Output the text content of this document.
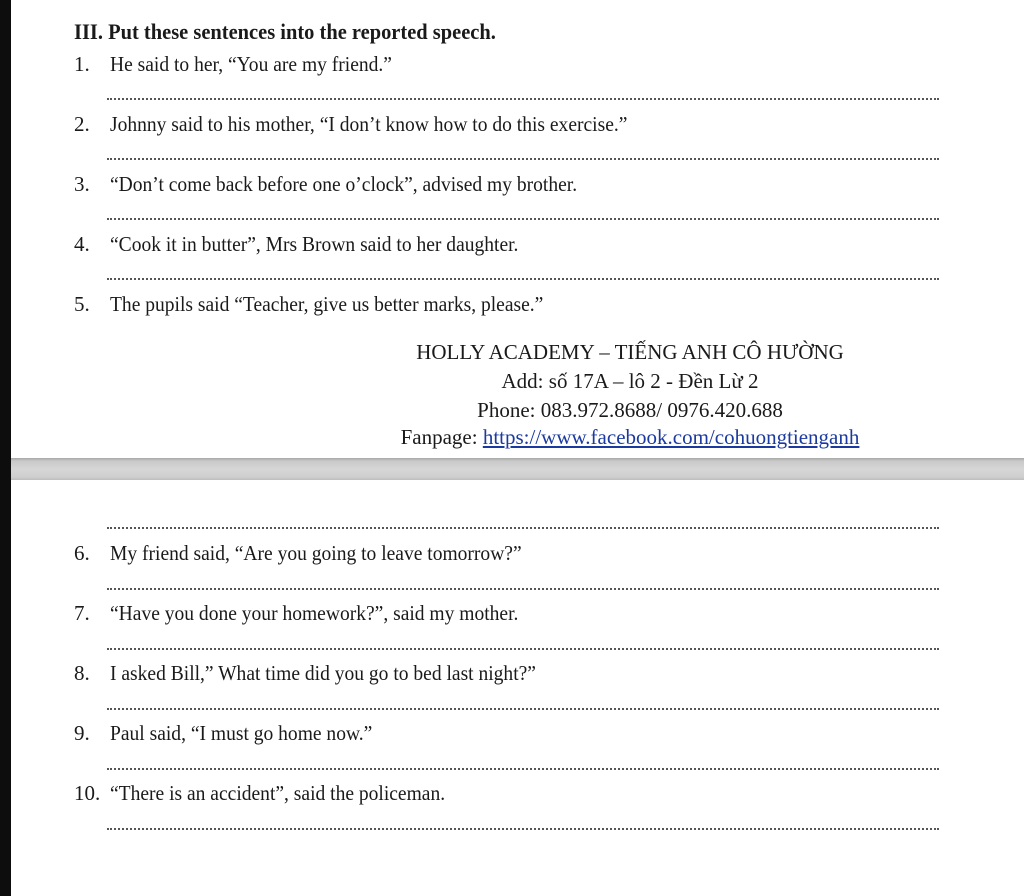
III. Put these sentences into the reported speech.
1. He said to her, “You are my friend.”
2. Johnny said to his mother, “I don’t know how to do this exercise.”
3. “Don’t come back before one o’clock”, advised my brother.
4. “Cook it in butter”, Mrs Brown said to her daughter.
5. The pupils said “Teacher, give us better marks, please.”
HOLLY ACADEMY – TIẾNG ANH CÔ HƯỜNG
Add: số 17A – lô 2 - Đền Lừ 2
Phone: 083.972.8688/ 0976.420.688
Fanpage: https://www.facebook.com/cohuongtienganh
6. My friend said, “Are you going to leave tomorrow?”
7. “Have you done your homework?”, said my mother.
8. I asked Bill,” What time did you go to bed last night?”
9. Paul said, “I must go home now.”
10. “There is an accident”, said the policeman.
